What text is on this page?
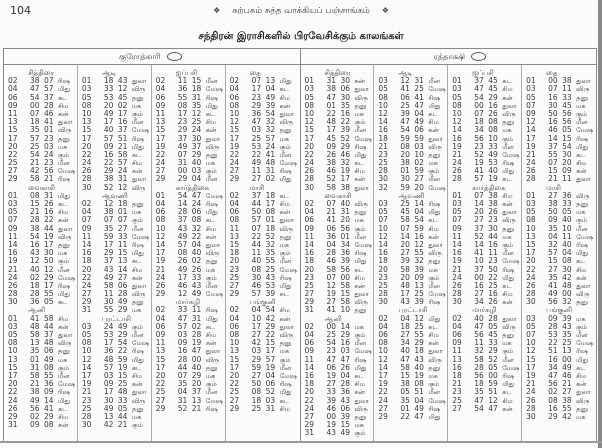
104	❖ கற்பகம் சுத்த வாக்கியப் பஞ்சாங்கம் ❖
சந்திரன் இராசிகளில் பிரவேசிக்கும் காலங்கள்
குரோத்காரி
சித்திரை
02	38 07 ரிஷ
04	47 57 மிது
06	54 37 கட
09	00 28 சிம
11	07 46 கன்
13	18 41 துலா
15	35 01 விரு
17	57 23 தனு
20	25 03 மக
22	54 24 கும்
25	21 23 மீன
27	42 56 மேஷ
29	58 21 ரிஷ
வைகாசி
01	08 31 மிது
03	15 26 கட
05	21 16 சிம
07	28 22 கன்
09	38 44 துலா
11	54 19 விரு
14	16 17 தனு
16	43 30 மக
19	12 50 கும்
21	40 12 மீன
24	02 29 மேஷ
26	18 17 ரிஷ
28	28 55 மிது
30	36 05 கட
ஆனி
01	41 58 சிம
03	48 44 கன்
05	58 37 துலா
08	13 48 விரு
10	35 06 தனு
13	01 49 மக
15	31 08 கும்
17	58 55 மீன
20	21 36 மேஷ
22	38 09 ரிஷ
24	49 14 மிது
26	56 41 கட
29	02 29 சிம
31	09 08 கன்
ஆடி
01	18 43 துலா
03	33 12 விரு
05	53 45 தனு
08	20 02 மக
10	49 17 கும்
13	17 16 மீன
15	40 37 மேஷ
17	57 51 ரிஷ
20	09 21 மிது
22	16 58 கட
24	22 57 சிம
26	29 24 கன்
28	38 31 துலா
30	52 12 விரு
ஆவணி
02	12 18 தனு
04	38 01 மக
07	07 07 கும்
09	35 27 மீன
11	59 33 மேஷ
14	17 11 ரிஷ
16	29 15 மிது
18	37 13 கட
20	43 14 சிம
22	49 27 கன்
24	58 06 துலா
27	11 28 விரு
29	30 49 தனு
31	55 29 மக
புரட்டாசி
03	24 49 கும்
05	53 29 மீன
08	17 54 மேஷ
10	36 22 ரிஷ
12	48 59 மிது
14	57 19 கட
17	03 15 சிம
19	09 25 கன்
21	17 48 துலா
23	30 33 விரு
25	49 05 தனு
28	13 44 மக
30	42 21 கும்
ஐப்பசி
02	11 15 மீன
04	36 18 மேஷ
06	55 31 ரிஷ
09	08 35 மிது
11	17 12 கட
13	23 25 சிம
15	29 24 கன்
17	37 30 துலா
19	49 37 விரு
22	07 29 தனு
24	31 40 மக
27	00 03 கும்
29	29 04 மீன
கார்த்திகை
01	54 47 மேஷ
04	14 24 ரிஷ
06	28 06 மிது
08	37 08 கட
10	43 32 சிம
12	49 22 கன்
14	57 04 துலா
17	08 40 விரு
19	26 02 தனு
21	49 26 மக
24	17 33 கும்
26	46 43 மீன
29	12 49 மேஷ
மார்கழி
02	33 11 ரிஷ
04	47 31 மிது
06	57 02 கட
09	03 28 சிம
11	09 19 கன்
13	16 47 துலா
15	28 00 விரு
17	44 40 தனு
20	07 29 மக
22	35 20 கும்
25	04 37 மீன
27	31 13 மேஷ
29	52 21 ரிஷ
தை
02	07 13 மிது
04	17 04 கட
06	23 49 சிம
08	29 39 கன்
10	36 54 துலா
12	47 32 விரு
15	03 32 தனு
17	25 57 மக
19	53 24 கும்
22	22 41 மீன
24	49 48 மேஷ
27	11 31 ரிஷ
29	27 02 மிது
மாசி
02	37 18 கட
04	44 17 சிம
06	50 08 கன்
08	57 01 துலா
11	07 18 விரு
13	22 52 தனு
15	44 32 மக
18	11 35 கும்
20	40 55 மீன
23	08 25 மேஷ
25	30 43 ரிஷ
27	46 53 மிது
29	57 39 கட
பங்குனி
02	04 54 சிம
04	10 42 கன்
06	17 29 துலா
08	27 22 விரு
10	42 15 தனு
13	03 17 மக
15	29 57 கும்
17	59 19 மீன
20	27 04 மேஷ
22	50 06 ரிஷ
25	08 52 மிது
27	18 03 கட
29	25 31 சிம
ரத்தாக்ஷி
சித்திரை
01	31 30 கன்
03	38 06 துலா
05	47 30 விரு
08	01 35 தனு
10	22 16 மக
12	48 22 கும்
15	17 39 மீன
17	45 52 மேஷ
20	09 29 ரிஷ
22	26 46 மிது
24	38 32 கட
26	46 19 சிம
28	52 17 கன்
30	58 38 துலா
வைகாசி
02	07 40 விரு
04	21 31 தனு
06	41 20 மக
09	06 56 கும்
11	36 01 மீன
14	04 34 மேஷ
16	28 36 ரிஷ
18	46 39 மிது
20	58 56 கட
23	07 00 சிம
25	12 58 கன்
27	19 15 துலா
29	27 58 விரு
31	41 10 தனு
ஆனி
02	00 14 மக
04	25 29 கும்
06	54 16 மீன
09	23 03 மேஷ
11	47 47 ரிஷ
14	06 26 மிது
16	19 04 கட
18	27 28 சிம
20	33 36 கன்
22	39 43 துலா
24	46 06 விரு
27	00 39 தனு
29	19 15 மக
31	43 49 கும்
ஆடி
03	12 31 மீன
05	41 25 மேஷ
08	06 41 ரிஷ
10	25 47 மிது
12	39 04 கட
14	47 49 சிம
16	54 06 கன்
18	59 59 துலா
21	08 03 விரு
23	20 10 தனு
25	38 02 மக
28	01 59 கும்
30	30 27 மீன
32	59 20 மேஷ
ஆவணி
03	25 14 ரிஷ
05	45 04 மிது
07	58 54 கட
10	07 59 சிம
12	14 16 கன்
14	20 12 துலா
16	27 55 விரு
18	39 32 தனு
20	58 39 மக
23	20 09 கும்
25	48 13 மீன
28	17 25 மேஷ
30	43 39 ரிஷ
புரட்டாசி
02	04 12 மிது
04	18 25 கட
06	27 55 சிம
08	34 29 கன்
10	40 18 துலா
12	47 43 விரு
14	58 40 தனு
17	15 19 மக
19	38 08 கும்
22	05 51 மீன
24	35 04 மேஷ
27	01 49 ரிஷ
29	22 47 மிது
ஐப்பசி
01	37 45 கட
03	47 45 சிம
05	54 29 கன்
08	00 16 துலா
10	07 26 விரு
12	18 08 தனு
14	34 08 மக
16	56 10 கும்
19	23 33 மீன
21	52 49 மேஷ
24	19 53 ரிஷ
26	41 40 மிது
28	57 19 கட
கார்த்திகை
01	07 38 சிம
03	14 38 கன்
05	20 26 துலா
07	27 23 விரு
09	37 30 தனு
11	52 44 மக
14	14 16 கும்
16	41 11 மீன
19	10 23 மேஷ
21	37 50 ரிஷ
24	00 22 மிது
26	16 25 கட
28	27 16 சிம
30	34 26 கன்
மார்கழி
02	40 28 துலா
04	47 05 விரு
06	56 45 தனு
09	11 33 மக
11	32 29 கும்
13	58 52 மீன
16	28 05 மேஷ
18	56 00 ரிஷ
21	18 59 மிது
23	35 51 கட
25	47 12 சிம
27	54 47 கன்
தை
01	00 38 துலா
03	07 11 விரு
05	16 33 தனு
07	30 45 மக
09	50 56 கும்
12	16 56 மீன
14	46 05 மேஷ
17	14 15 ரிஷ
19	37 54 மிது
21	55 30 கட
24	07 20 சிம
26	15 09 கன்
28	21 11 துலா
மாசி
01	27 36 விரு
03	38 33 தனு
05	50 05 மக
08	09 40 கும்
10	35 10 மீன
13	04 11 மேஷ
15	32 40 ரிஷ
17	57 04 மிது
20	15 08 கட
22	27 30 சிம
24	35 42 கன்
26	41 48 துலா
28	49 00 விரு
30	56 32 தனு
பங்குனி
03	09 39 மக
05	28 43 கும்
07	53 35 மீன
10	22 25 மேஷ
12	51 13 ரிஷ
15	16 00 மிது
17	34 49 கட
19	47 46 சிம
21	56 21 கன்
24	02 27 துலா
26	08 38 விரு
28	16 55 தனு
30	29 42 மக
